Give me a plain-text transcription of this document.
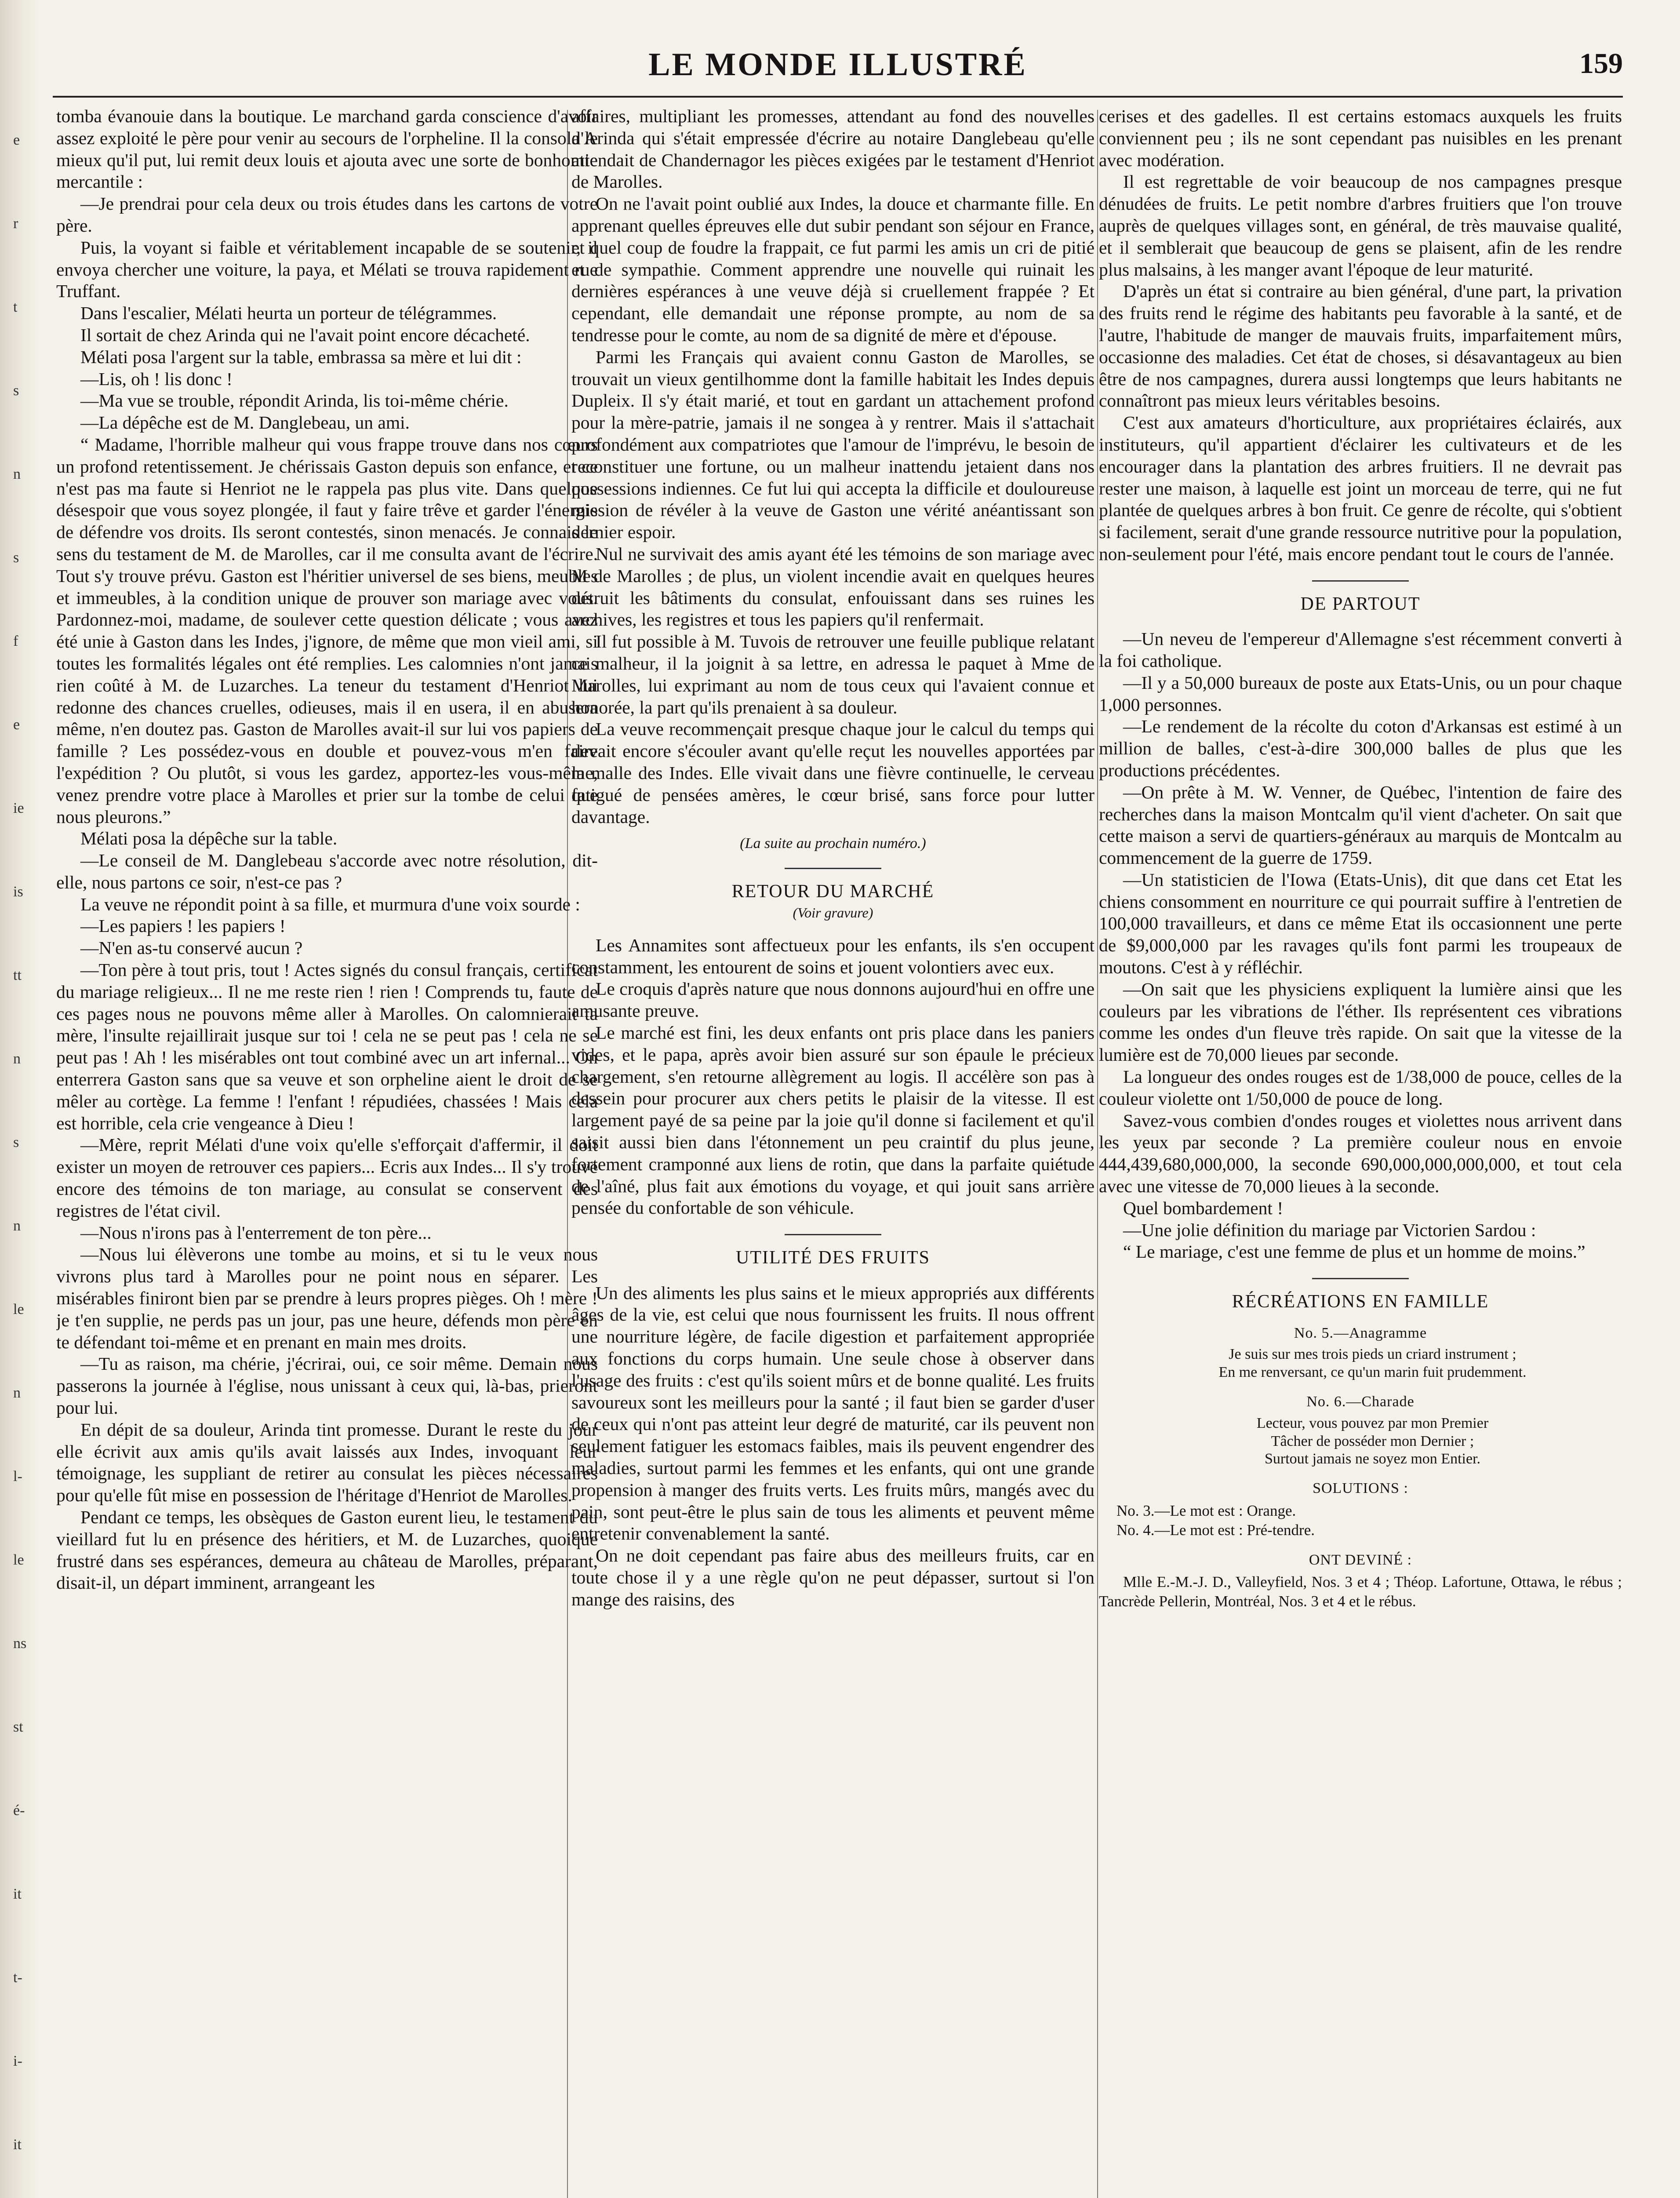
e
r
t
s
n
s
f
e
ie
is
tt
n
s
n
le
n
l-
le
ns
st
é-
it
t-
i-
it
LE MONDE ILLUSTRÉ	159

tomba évanouie dans la boutique. Le marchand garda conscience d'avoir assez exploité le père pour venir au secours de l'orpheline. Il la consola le mieux qu'il put, lui remit deux louis et ajouta avec une sorte de bonhomie mercantile :

—Je prendrai pour cela deux ou trois études dans les cartons de votre père.

Puis, la voyant si faible et véritablement incapable de se soutenir, il envoya chercher une voiture, la paya, et Mélati se trouva rapidement rue Truffant.

Dans l'escalier, Mélati heurta un porteur de télégrammes.

Il sortait de chez Arinda qui ne l'avait point encore décacheté.

Mélati posa l'argent sur la table, embrassa sa mère et lui dit :

—Lis, oh ! lis donc !

—Ma vue se trouble, répondit Arinda, lis toi-même chérie.

—La dépêche est de M. Danglebeau, un ami.

“ Madame, l'horrible malheur qui vous frappe trouve dans nos cœurs un profond retentissement. Je chérissais Gaston depuis son enfance, et ce n'est pas ma faute si Henriot ne le rappela pas plus vite. Dans quelque désespoir que vous soyez plongée, il faut y faire trêve et garder l'énergie de défendre vos droits. Ils seront contestés, sinon menacés. Je connais le sens du testament de M. de Marolles, car il me consulta avant de l'écrire. Tout s'y trouve prévu. Gaston est l'héritier universel de ses biens, meubles et immeubles, à la condition unique de prouver son mariage avec vous. Pardonnez-moi, madame, de soulever cette question délicate ; vous avez été unie à Gaston dans les Indes, j'ignore, de même que mon vieil ami, si toutes les formalités légales ont été remplies. Les calomnies n'ont jamais rien coûté à M. de Luzarches. La teneur du testament d'Henriot lui redonne des chances cruelles, odieuses, mais il en usera, il en abusera même, n'en doutez pas. Gaston de Marolles avait-il sur lui vos papiers de famille ? Les possédez-vous en double et pouvez-vous m'en faire l'expédition ? Ou plutôt, si vous les gardez, apportez-les vous-même, venez prendre votre place à Marolles et prier sur la tombe de celui que nous pleurons.”

Mélati posa la dépêche sur la table.

—Le conseil de M. Danglebeau s'accorde avec notre résolution, dit-elle, nous partons ce soir, n'est-ce pas ?

La veuve ne répondit point à sa fille, et murmura d'une voix sourde :

—Les papiers ! les papiers !

—N'en as-tu conservé aucun ?

—Ton père à tout pris, tout ! Actes signés du consul français, certificat du mariage religieux... Il ne me reste rien ! rien ! Comprends tu, faute de ces pages nous ne pouvons même aller à Marolles. On calomnierait ta mère, l'insulte rejaillirait jusque sur toi ! cela ne se peut pas ! cela ne se peut pas ! Ah ! les misérables ont tout combiné avec un art infernal... On enterrera Gaston sans que sa veuve et son orpheline aient le droit de se mêler au cortège. La femme ! l'enfant ! répudiées, chassées ! Mais cela est horrible, cela crie vengeance à Dieu !

—Mère, reprit Mélati d'une voix qu'elle s'efforçait d'affermir, il doit exister un moyen de retrouver ces papiers... Ecris aux Indes... Il s'y trouve encore des témoins de ton mariage, au consulat se conservent des registres de l'état civil.

—Nous n'irons pas à l'enterrement de ton père...

—Nous lui élèverons une tombe au moins, et si tu le veux nous vivrons plus tard à Marolles pour ne point nous en séparer. Les misérables finiront bien par se prendre à leurs propres pièges. Oh ! mère ! je t'en supplie, ne perds pas un jour, pas une heure, défends mon père en te défendant toi-même et en prenant en main mes droits.

—Tu as raison, ma chérie, j'écrirai, oui, ce soir même. Demain nous passerons la journée à l'église, nous unissant à ceux qui, là-bas, prieront pour lui.

En dépit de sa douleur, Arinda tint promesse. Durant le reste du jour elle écrivit aux amis qu'ils avait laissés aux Indes, invoquant leur témoignage, les suppliant de retirer au consulat les pièces nécessaires pour qu'elle fût mise en possession de l'héritage d'Henriot de Marolles.

Pendant ce temps, les obsèques de Gaston eurent lieu, le testament du vieillard fut lu en présence des héritiers, et M. de Luzarches, quoique frustré dans ses espérances, demeura au château de Marolles, préparant, disait-il, un départ imminent, arrangeant les

affaires, multipliant les promesses, attendant au fond des nouvelles d'Arinda qui s'était empressée d'écrire au notaire Danglebeau qu'elle attendait de Chandernagor les pièces exigées par le testament d'Henriot de Marolles.

On ne l'avait point oublié aux Indes, la douce et charmante fille. En apprenant quelles épreuves elle dut subir pendant son séjour en France, et quel coup de foudre la frappait, ce fut parmi les amis un cri de pitié et de sympathie. Comment apprendre une nouvelle qui ruinait les dernières espérances à une veuve déjà si cruellement frappée ? Et cependant, elle demandait une réponse prompte, au nom de sa tendresse pour le comte, au nom de sa dignité de mère et d'épouse.

Parmi les Français qui avaient connu Gaston de Marolles, se trouvait un vieux gentilhomme dont la famille habitait les Indes depuis Dupleix. Il s'y était marié, et tout en gardant un attachement profond pour la mère-patrie, jamais il ne songea à y rentrer. Mais il s'attachait profondément aux compatriotes que l'amour de l'imprévu, le besoin de reconstituer une fortune, ou un malheur inattendu jetaient dans nos possessions indiennes. Ce fut lui qui accepta la difficile et douloureuse mission de révéler à la veuve de Gaston une vérité anéantissant son dernier espoir.

Nul ne survivait des amis ayant été les témoins de son mariage avec M de Marolles ; de plus, un violent incendie avait en quelques heures détruit les bâtiments du consulat, enfouissant dans ses ruines les archives, les registres et tous les papiers qu'il renfermait.

Il fut possible à M. Tuvois de retrouver une feuille publique relatant ce malheur, il la joignit à sa lettre, en adressa le paquet à Mme de Marolles, lui exprimant au nom de tous ceux qui l'avaient connue et honorée, la part qu'ils prenaient à sa douleur.

La veuve recommençait presque chaque jour le calcul du temps qui devait encore s'écouler avant qu'elle reçut les nouvelles apportées par la malle des Indes. Elle vivait dans une fièvre continuelle, le cerveau fatigué de pensées amères, le cœur brisé, sans force pour lutter davantage.

(La suite au prochain numéro.)
RETOUR DU MARCHÉ
(Voir gravure)

Les Annamites sont affectueux pour les enfants, ils s'en occupent constamment, les entourent de soins et jouent volontiers avec eux.

Le croquis d'après nature que nous donnons aujourd'hui en offre une amusante preuve.

Le marché est fini, les deux enfants ont pris place dans les paniers vides, et le papa, après avoir bien assuré sur son épaule le précieux chargement, s'en retourne allègrement au logis. Il accélère son pas à dessein pour procurer aux chers petits le plaisir de la vitesse. Il est largement payé de sa peine par la joie qu'il donne si facilement et qu'il saisit aussi bien dans l'étonnement un peu craintif du plus jeune, fortement cramponné aux liens de rotin, que dans la parfaite quiétude de l'aîné, plus fait aux émotions du voyage, et qui jouit sans arrière pensée du confortable de son véhicule.

UTILITÉ DES FRUITS

Un des aliments les plus sains et le mieux appropriés aux différents âges de la vie, est celui que nous fournissent les fruits. Il nous offrent une nourriture légère, de facile digestion et parfaitement appropriée aux fonctions du corps humain. Une seule chose à observer dans l'usage des fruits : c'est qu'ils soient mûrs et de bonne qualité. Les fruits savoureux sont les meilleurs pour la santé ; il faut bien se garder d'user de ceux qui n'ont pas atteint leur degré de maturité, car ils peuvent non seulement fatiguer les estomacs faibles, mais ils peuvent engendrer des maladies, surtout parmi les femmes et les enfants, qui ont une grande propension à manger des fruits verts. Les fruits mûrs, mangés avec du pain, sont peut-être le plus sain de tous les aliments et peuvent même entretenir convenablement la santé.

On ne doit cependant pas faire abus des meilleurs fruits, car en toute chose il y a une règle qu'on ne peut dépasser, surtout si l'on mange des raisins, des

cerises et des gadelles. Il est certains estomacs auxquels les fruits conviennent peu ; ils ne sont cependant pas nuisibles en les prenant avec modération.

Il est regrettable de voir beaucoup de nos campagnes presque dénudées de fruits. Le petit nombre d'arbres fruitiers que l'on trouve auprès de quelques villages sont, en général, de très mauvaise qualité, et il semblerait que beaucoup de gens se plaisent, afin de les rendre plus malsains, à les manger avant l'époque de leur maturité.

D'après un état si contraire au bien général, d'une part, la privation des fruits rend le régime des habitants peu favorable à la santé, et de l'autre, l'habitude de manger de mauvais fruits, imparfaitement mûrs, occasionne des maladies. Cet état de choses, si désavantageux au bien être de nos campagnes, durera aussi longtemps que leurs habitants ne connaîtront pas mieux leurs véritables besoins.

C'est aux amateurs d'horticulture, aux propriétaires éclairés, aux instituteurs, qu'il appartient d'éclairer les cultivateurs et de les encourager dans la plantation des arbres fruitiers. Il ne devrait pas rester une maison, à laquelle est joint un morceau de terre, qui ne fut plantée de quelques arbres à bon fruit. Ce genre de récolte, qui s'obtient si facilement, serait d'une grande ressource nutritive pour la population, non-seulement pour l'été, mais encore pendant tout le cours de l'année.

DE PARTOUT

—Un neveu de l'empereur d'Allemagne s'est récemment converti à la foi catholique.

—Il y a 50,000 bureaux de poste aux Etats-Unis, ou un pour chaque 1,000 personnes.

—Le rendement de la récolte du coton d'Arkansas est estimé à un million de balles, c'est-à-dire 300,000 balles de plus que les productions précédentes.

—On prête à M. W. Venner, de Québec, l'intention de faire des recherches dans la maison Montcalm qu'il vient d'acheter. On sait que cette maison a servi de quartiers-généraux au marquis de Montcalm au commencement de la guerre de 1759.

—Un statisticien de l'Iowa (Etats-Unis), dit que dans cet Etat les chiens consomment en nourriture ce qui pourrait suffire à l'entretien de 100,000 travailleurs, et dans ce même Etat ils occasionnent une perte de $9,000,000 par les ravages qu'ils font parmi les troupeaux de moutons. C'est à y réfléchir.

—On sait que les physiciens expliquent la lumière ainsi que les couleurs par les vibrations de l'éther. Ils représentent ces vibrations comme les ondes d'un fleuve très rapide. On sait que la vitesse de la lumière est de 70,000 lieues par seconde.

La longueur des ondes rouges est de 1/38,000 de pouce, celles de la couleur violette ont 1/50,000 de pouce de long.

Savez-vous combien d'ondes rouges et violettes nous arrivent dans les yeux par seconde ? La première couleur nous en envoie 444,439,680,000,000, la seconde 690,000,000,000,000, et tout cela avec une vitesse de 70,000 lieues à la seconde.

Quel bombardement !

—Une jolie définition du mariage par Victorien Sardou :

“ Le mariage, c'est une femme de plus et un homme de moins.”

RÉCRÉATIONS EN FAMILLE
No. 5.—Anagramme

Je suis sur mes trois pieds un criard instrument ;

En me renversant, ce qu'un marin fuit prudemment.

No. 6.—Charade

Lecteur, vous pouvez par mon Premier

Tâcher de posséder mon Dernier ;

Surtout jamais ne soyez mon Entier.

SOLUTIONS :

No. 3.—Le mot est : Orange.

No. 4.—Le mot est : Pré-tendre.

ONT DEVINÉ :

Mlle E.-M.-J. D., Valleyfield, Nos. 3 et 4 ; Théop. Lafortune, Ottawa, le rébus ; Tancrède Pellerin, Montréal, Nos. 3 et 4 et le rébus.
